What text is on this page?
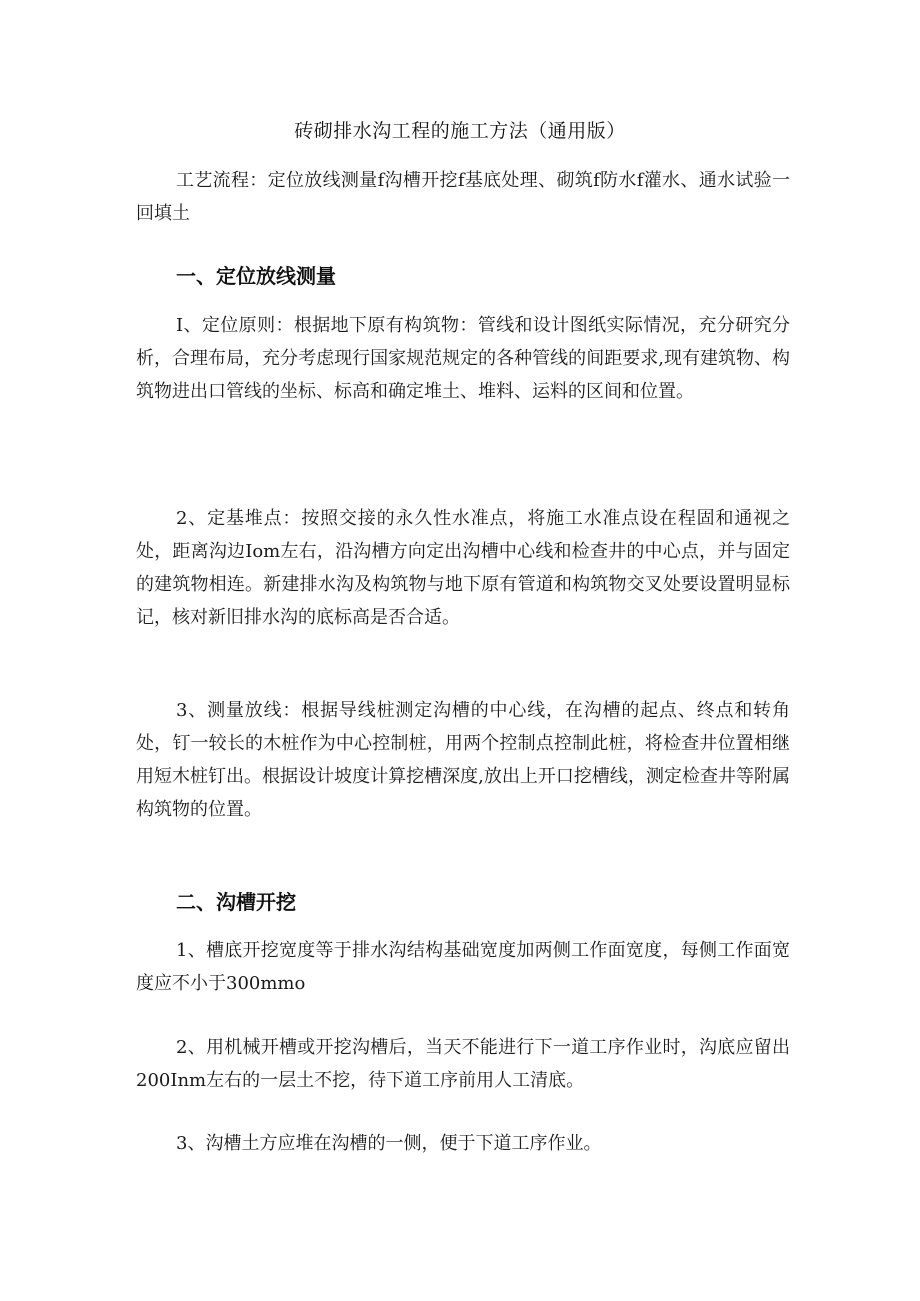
砖砌排水沟工程的施工方法（通用版）

工艺流程：定位放线测量f沟槽开挖f基底处理、砌筑f防水f灌水、通水试验一回填土

一、定位放线测量

I、定位原则：根据地下原有构筑物：管线和设计图纸实际情况，充分研究分析，合理布局，充分考虑现行国家规范规定的各种管线的间距要求,现有建筑物、构筑物进出口管线的坐标、标高和确定堆土、堆料、运料的区间和位置。

2、定基堆点：按照交接的永久性水准点，将施工水准点设在程固和通视之处，距离沟边Iom左右，沿沟槽方向定出沟槽中心线和检查井的中心点，并与固定的建筑物相连。新建排水沟及构筑物与地下原有管道和构筑物交叉处要设置明显标记，核对新旧排水沟的底标高是否合适。

3、测量放线：根据导线桩测定沟槽的中心线，在沟槽的起点、终点和转角处，钉一较长的木桩作为中心控制桩，用两个控制点控制此桩，将检查井位置相继用短木桩钉出。根据设计坡度计算挖槽深度,放出上开口挖槽线，测定检查井等附属构筑物的位置。

二、沟槽开挖

1、槽底开挖宽度等于排水沟结构基础宽度加两侧工作面宽度，每侧工作面宽度应不小于300mmo

2、用机械开槽或开挖沟槽后，当天不能进行下一道工序作业时，沟底应留出200Inm左右的一层土不挖，待下道工序前用人工清底。

3、沟槽土方应堆在沟槽的一侧，便于下道工序作业。
